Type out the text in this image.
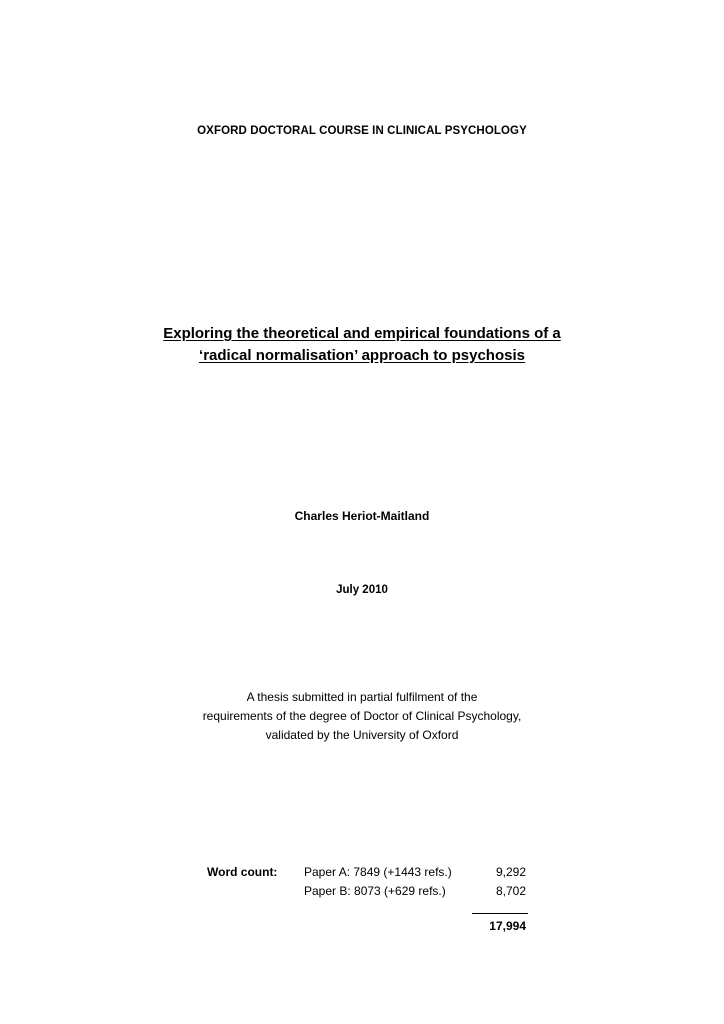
OXFORD DOCTORAL COURSE IN CLINICAL PSYCHOLOGY
Exploring the theoretical and empirical foundations of a
‘radical normalisation’ approach to psychosis
Charles Heriot-Maitland
July 2010
A thesis submitted in partial fulfilment of the
requirements of the degree of Doctor of Clinical Psychology,
validated by the University of Oxford
Word count: Paper A: 7849 (+1443 refs.)	9,292
Paper B: 8073 (+629 refs.)	8,702
17,994
